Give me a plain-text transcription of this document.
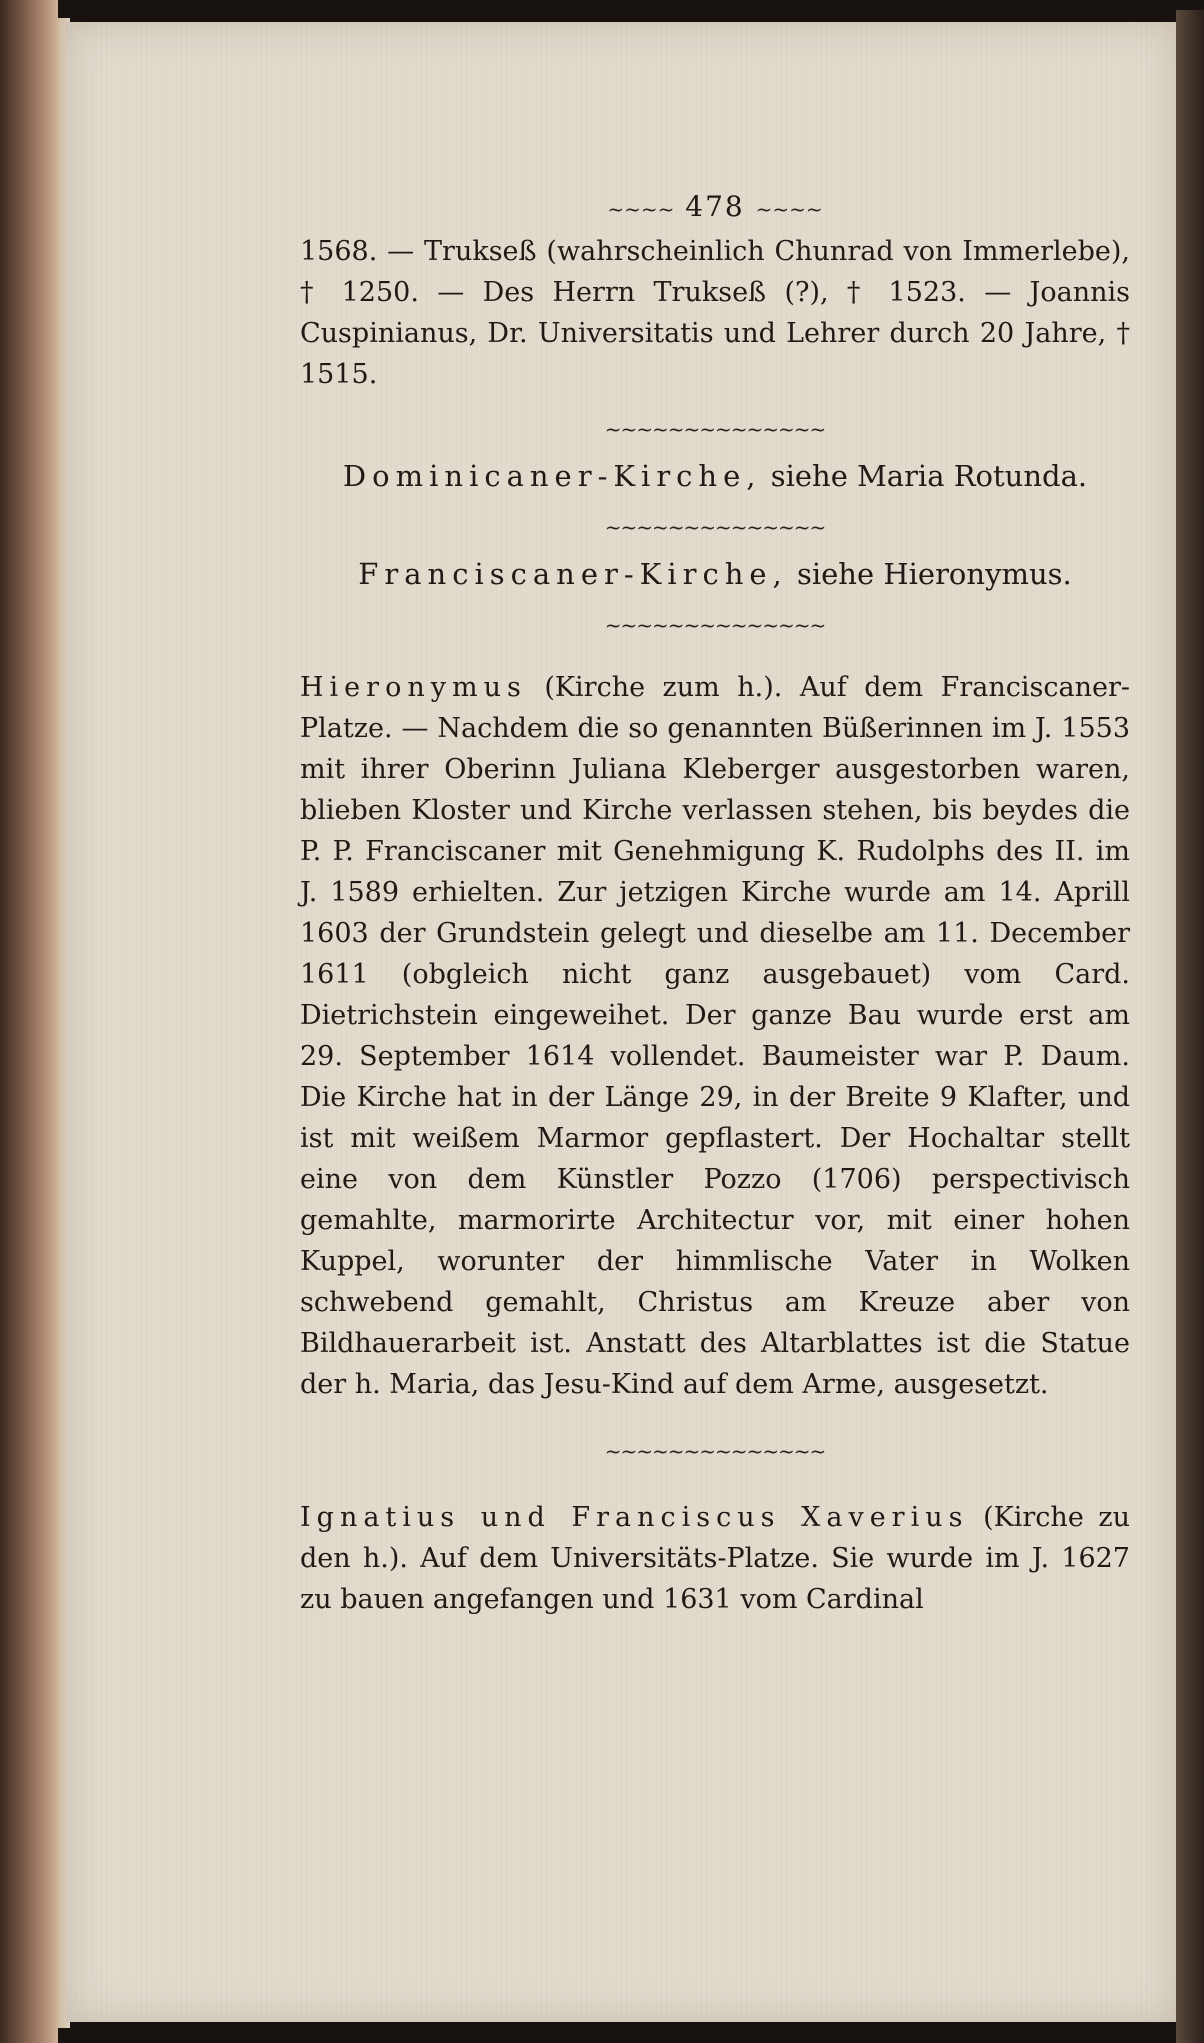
~~~~ 478 ~~~~

1568. — Trukseß (wahrscheinlich Chunrad von Immerlebe), † 1250. — Des Herrn Trukseß (?), † 1523. — Joannis Cuspinianus, Dr. Universitatis und Lehrer durch 20 Jahre, † 1515.

~~~~~~~~~~~~~~

Dominicaner-Kirche, siehe Maria Rotunda.

~~~~~~~~~~~~~~

Franciscaner-Kirche, siehe Hieronymus.

~~~~~~~~~~~~~~

Hieronymus (Kirche zum h.). Auf dem Franciscaner-Platze. — Nachdem die so genannten Büßerinnen im J. 1553 mit ihrer Oberinn Juliana Kleberger ausgestorben waren, blieben Kloster und Kirche verlassen stehen, bis beydes die P. P. Franciscaner mit Genehmigung K. Rudolphs des II. im J. 1589 erhielten. Zur jetzigen Kirche wurde am 14. Aprill 1603 der Grundstein gelegt und dieselbe am 11. December 1611 (obgleich nicht ganz ausgebauet) vom Card. Dietrichstein eingeweihet. Der ganze Bau wurde erst am 29. September 1614 vollendet. Baumeister war P. Daum. Die Kirche hat in der Länge 29, in der Breite 9 Klafter, und ist mit weißem Marmor gepflastert. Der Hochaltar stellt eine von dem Künstler Pozzo (1706) perspectivisch gemahlte, marmorirte Architectur vor, mit einer hohen Kuppel, worunter der himmlische Vater in Wolken schwebend gemahlt, Christus am Kreuze aber von Bildhauerarbeit ist. Anstatt des Altarblattes ist die Statue der h. Maria, das Jesu-Kind auf dem Arme, ausgesetzt.

~~~~~~~~~~~~~~

Ignatius und Franciscus Xaverius (Kirche zu den h.). Auf dem Universitäts-Platze. Sie wurde im J. 1627 zu bauen angefangen und 1631 vom Cardinal
